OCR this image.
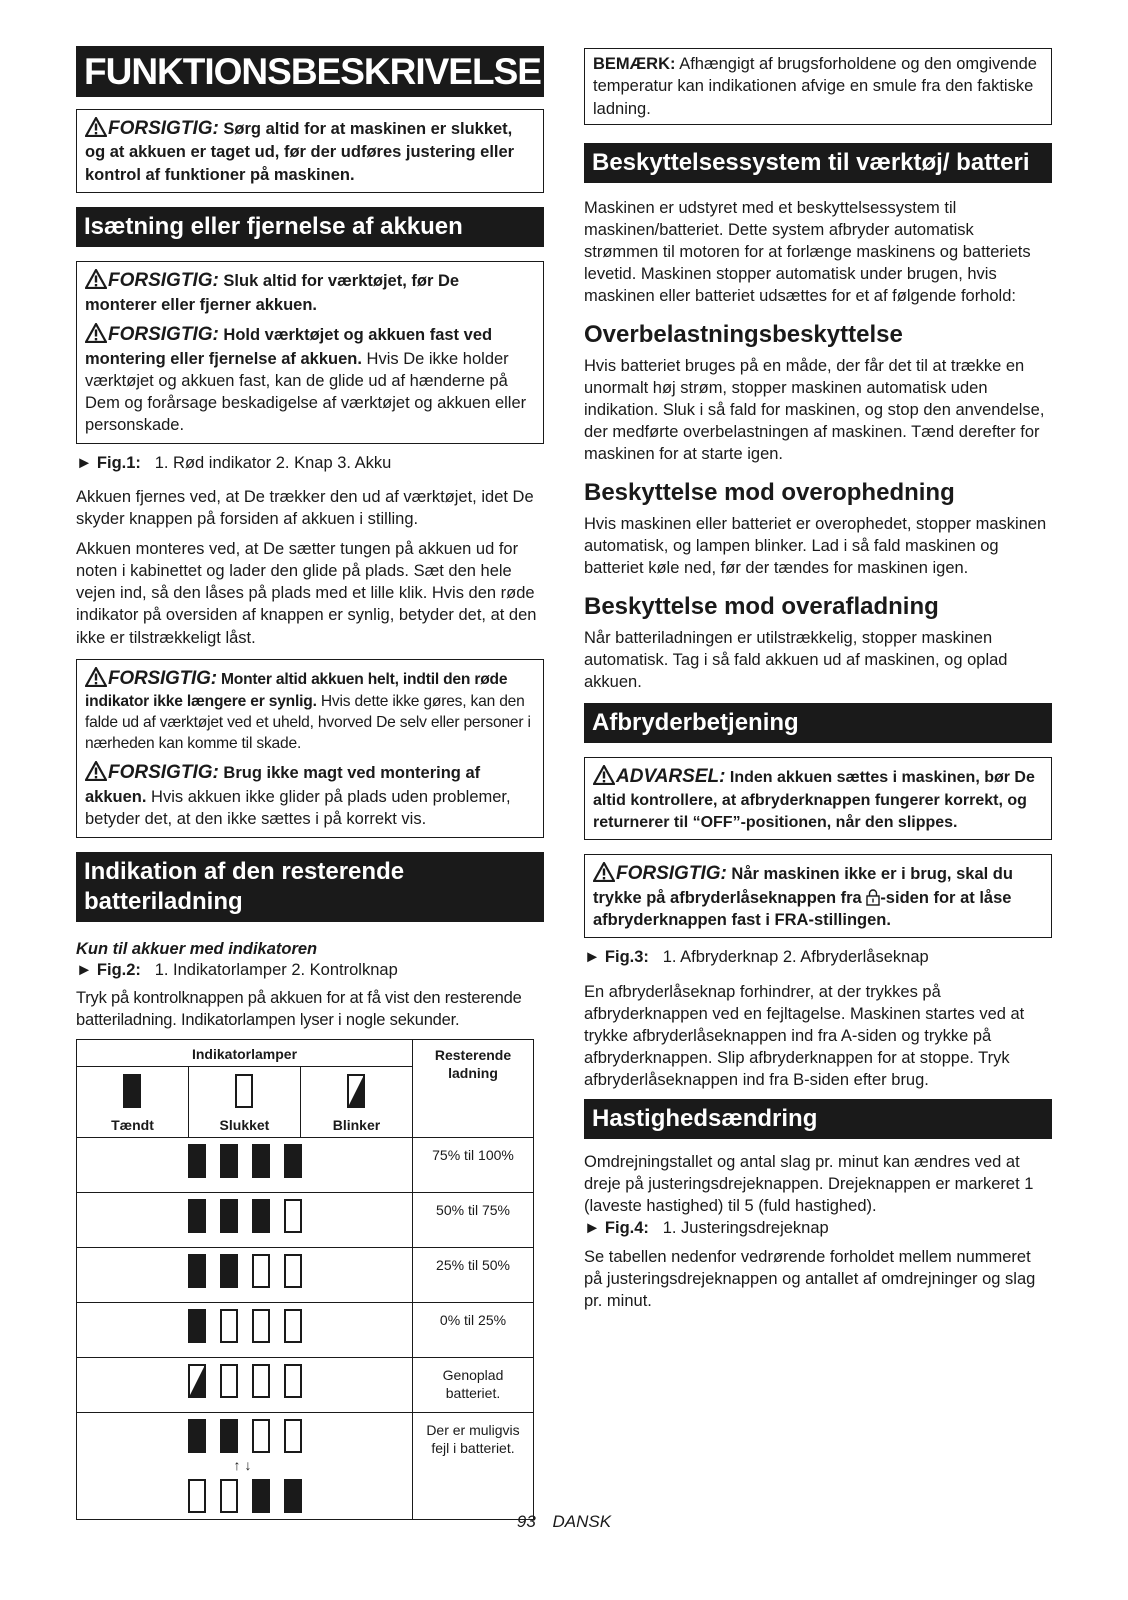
FUNKTIONSBESKRIVELSE
FORSIGTIG: Sørg altid for at maskinen er slukket, og at akkuen er taget ud, før der udføres justering eller kontrol af funktioner på maskinen.
Isætning eller fjernelse af akkuen

FORSIGTIG: Sluk altid for værktøjet, før De monterer eller fjerner akkuen.

FORSIGTIG: Hold værktøjet og akkuen fast ved montering eller fjernelse af akkuen. Hvis De ikke holder værktøjet og akkuen fast, kan de glide ud af hænderne på Dem og forårsage beskadigelse af værktøjet og akkuen eller personskade.

► Fig.1: 1. Rød indikator 2. Knap 3. Akku

Akkuen fjernes ved, at De trækker den ud af værktøjet, idet De skyder knappen på forsiden af akkuen i stilling.

Akkuen monteres ved, at De sætter tungen på akkuen ud for noten i kabinettet og lader den glide på plads. Sæt den hele vejen ind, så den låses på plads med et lille klik. Hvis den røde indikator på oversiden af knappen er synlig, betyder det, at den ikke er tilstrækkeligt låst.

FORSIGTIG: Monter altid akkuen helt, indtil den røde indikator ikke længere er synlig. Hvis dette ikke gøres, kan den falde ud af værktøjet ved et uheld, hvorved De selv eller personer i nærheden kan komme til skade.

FORSIGTIG: Brug ikke magt ved montering af akkuen. Hvis akkuen ikke glider på plads uden problemer, betyder det, at den ikke sættes i på korrekt vis.

Indikation af den resterende batteriladning
Kun til akkuer med indikatoren
► Fig.2: 1. Indikatorlamper 2. Kontrolknap

Tryk på kontrolknappen på akkuen for at få vist den resterende batteriladning. Indikatorlampen lyser i nogle sekunder.

Indikatorlamper			Resterende ladning

Tændt	Slukket	Blinker	

	75% til 100%

	50% til 75%

	25% til 50%

	0% til 25%

	Genoplad batteriet.

↑↓			Der er muligvis fejl i batteriet.
BEMÆRK: Afhængigt af brugsforholdene og den omgivende temperatur kan indikationen afvige en smule fra den faktiske ladning.
Beskyttelsessystem til værktøj/ batteri

Maskinen er udstyret med et beskyttelsessystem til maskinen/batteriet. Dette system afbryder automatisk strømmen til motoren for at forlænge maskinens og batteriets levetid. Maskinen stopper automatisk under brugen, hvis maskinen eller batteriet udsættes for et af følgende forhold:

Overbelastningsbeskyttelse

Hvis batteriet bruges på en måde, der får det til at trække en unormalt høj strøm, stopper maskinen automatisk uden indikation. Sluk i så fald for maskinen, og stop den anvendelse, der medførte overbelastningen af maskinen. Tænd derefter for maskinen for at starte igen.

Beskyttelse mod overophedning

Hvis maskinen eller batteriet er overophedet, stopper maskinen automatisk, og lampen blinker. Lad i så fald maskinen og batteriet køle ned, før der tændes for maskinen igen.

Beskyttelse mod overafladning

Når batteriladningen er utilstrækkelig, stopper maskinen automatisk. Tag i så fald akkuen ud af maskinen, og oplad akkuen.

Afbryderbetjening
ADVARSEL: Inden akkuen sættes i maskinen, bør De altid kontrollere, at afbryderknappen fungerer korrekt, og returnerer til “OFF”-positionen, når den slippes.
FORSIGTIG: Når maskinen ikke er i brug, skal du trykke på afbryderlåseknappen fra -siden for at låse afbryderknappen fast i FRA-stillingen.
► Fig.3: 1. Afbryderknap 2. Afbryderlåseknap

En afbryderlåseknap forhindrer, at der trykkes på afbryderknappen ved en fejltagelse. Maskinen startes ved at trykke afbryderlåseknappen ind fra A-siden og trykke på afbryderknappen. Slip afbryderknappen for at stoppe. Tryk afbryderlåseknappen ind fra B-siden efter brug.

Hastighedsændring

Omdrejningstallet og antal slag pr. minut kan ændres ved at dreje på justeringsdrejeknappen. Drejeknappen er markeret 1 (laveste hastighed) til 5 (fuld hastighed).

► Fig.4: 1. Justeringsdrejeknap

Se tabellen nedenfor vedrørende forholdet mellem nummeret på justeringsdrejeknappen og antallet af omdrejninger og slag pr. minut.

93 DANSK
